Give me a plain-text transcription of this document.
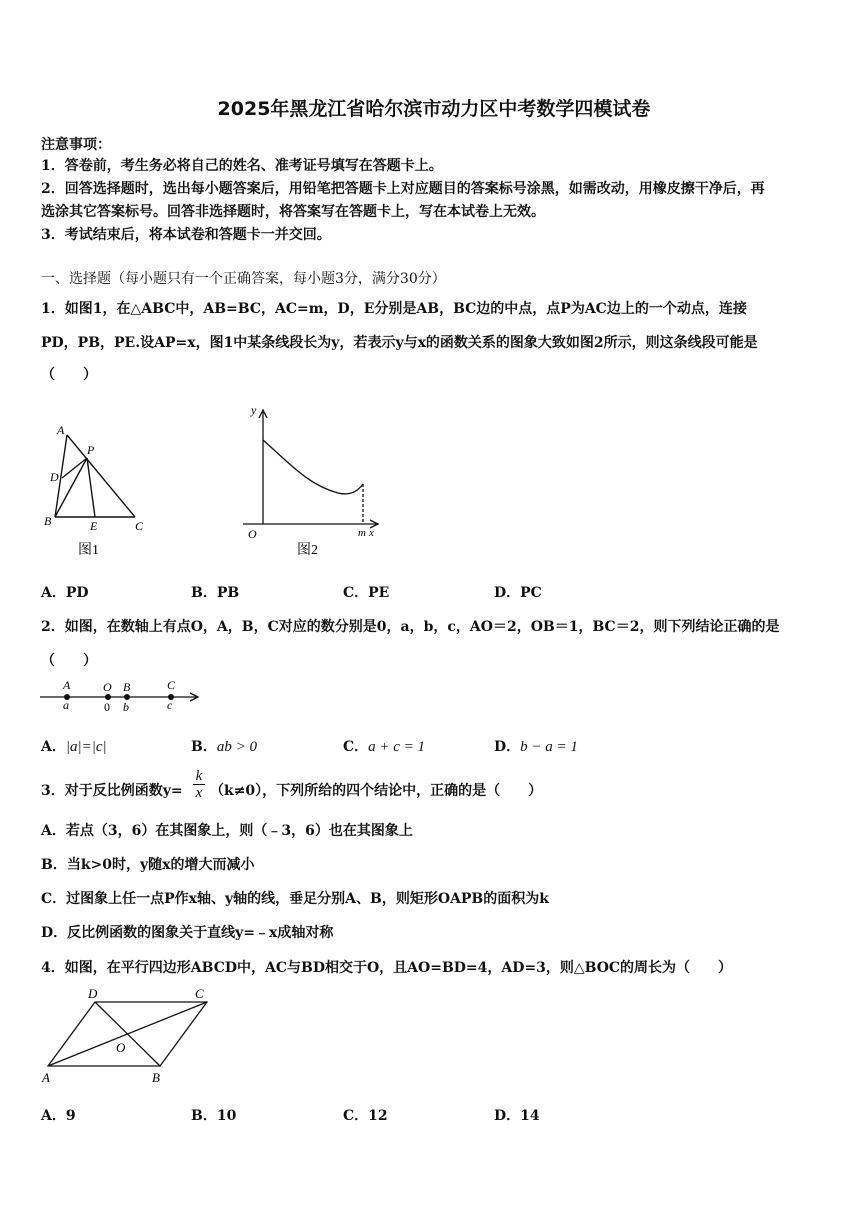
2025年黑龙江省哈尔滨市动力区中考数学四模试卷
注意事项：
1．答卷前，考生务必将自己的姓名、准考证号填写在答题卡上。
2．回答选择题时，选出每小题答案后，用铅笔把答题卡上对应题目的答案标号涂黑，如需改动，用橡皮擦干净后，再
选涂其它答案标号。回答非选择题时，将答案写在答题卡上，写在本试卷上无效。
3．考试结束后，将本试卷和答题卡一并交回。
一、选择题（每小题只有一个正确答案，每小题3分，满分30分）
1．如图1，在△ABC中，AB=BC，AC=m，D，E分别是AB，BC边的中点，点P为AC边上的一个动点，连接
PD，PB，PE.设AP=x，图1中某条线段长为y，若表示y与x的函数关系的图象大致如图2所示，则这条线段可能是
（　　）
A
P
D
B	E	C
图1
y
O	m x
图2
A．PD	B．PB	C．PE	D．PC
2．如图，在数轴上有点O，A，B，C对应的数分别是0，a，b，c，AO＝2，OB＝1，BC＝2，则下列结论正确的是
（　　）
A	O B	C
a	0 b	c
A．|a|=|c|	B．ab > 0	C．a + c = 1	D．b − a = 1
3．对于反比例函数y=
k
x （k≠0），下列所给的四个结论中，正确的是（　　）
A．若点（3，6）在其图象上，则（﹣3，6）也在其图象上
B．当k>0时，y随x的增大而减小
C．过图象上任一点P作x轴、y轴的线，垂足分别A、B，则矩形OAPB的面积为k
D．反比例函数的图象关于直线y=﹣x成轴对称
4．如图，在平行四边形ABCD中，AC与BD相交于O，且AO=BD=4，AD=3，则△BOC的周长为（　　）
D	C
O
A	B
A．9	B．10	C．12	D．14
